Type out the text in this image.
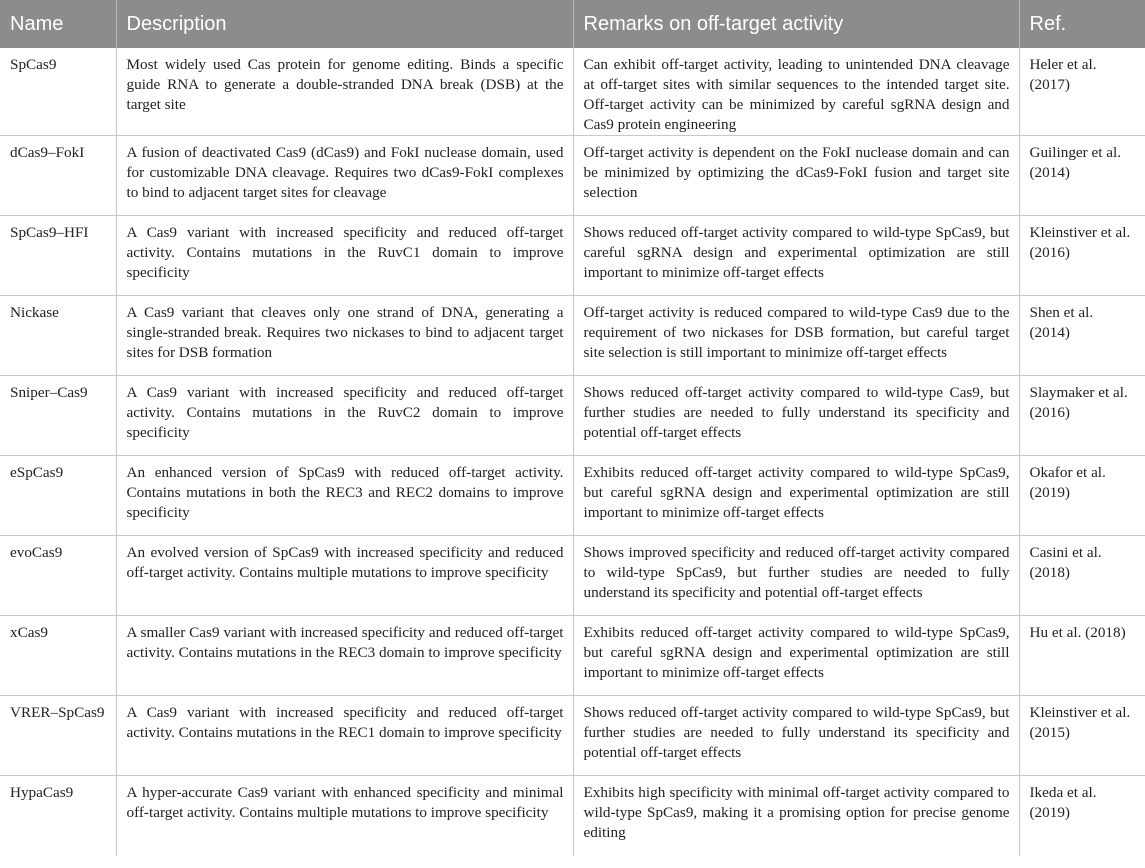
Name	Description	Remarks on off-target activity	Ref.
SpCas9	Most widely used Cas protein for genome editing. Binds a specific guide RNA to generate a double-stranded DNA break (DSB) at the target site	Can exhibit off-target activity, leading to unintended DNA cleavage at off-target sites with similar sequences to the intended target site. Off-target activity can be minimized by careful sgRNA design and Cas9 protein engineering	Heler et al. (2017)
dCas9–FokI	A fusion of deactivated Cas9 (dCas9) and FokI nuclease domain, used for customizable DNA cleavage. Requires two dCas9-FokI complexes to bind to adjacent target sites for cleavage	Off-target activity is dependent on the FokI nuclease domain and can be minimized by optimizing the dCas9-FokI fusion and target site selection	Guilinger et al. (2014)
SpCas9–HFI	A Cas9 variant with increased specificity and reduced off-target activity. Contains mutations in the RuvC1 domain to improve specificity	Shows reduced off-target activity compared to wild-type SpCas9, but careful sgRNA design and experimental optimization are still important to minimize off-target effects	Kleinstiver et al. (2016)
Nickase	A Cas9 variant that cleaves only one strand of DNA, generating a single-stranded break. Requires two nickases to bind to adjacent target sites for DSB formation	Off-target activity is reduced compared to wild-type Cas9 due to the requirement of two nickases for DSB formation, but careful target site selection is still important to minimize off-target effects	Shen et al. (2014)
Sniper–Cas9	A Cas9 variant with increased specificity and reduced off-target activity. Contains mutations in the RuvC2 domain to improve specificity	Shows reduced off-target activity compared to wild-type Cas9, but further studies are needed to fully understand its specificity and potential off-target effects	Slaymaker et al. (2016)
eSpCas9	An enhanced version of SpCas9 with reduced off-target activity. Contains mutations in both the REC3 and REC2 domains to improve specificity	Exhibits reduced off-target activity compared to wild-type SpCas9, but careful sgRNA design and experimental optimization are still important to minimize off-target effects	Okafor et al. (2019)
evoCas9	An evolved version of SpCas9 with increased specificity and reduced off-target activity. Contains multiple mutations to improve specificity	Shows improved specificity and reduced off-target activity compared to wild-type SpCas9, but further studies are needed to fully understand its specificity and potential off-target effects	Casini et al. (2018)
xCas9	A smaller Cas9 variant with increased specificity and reduced off-target activity. Contains mutations in the REC3 domain to improve specificity	Exhibits reduced off-target activity compared to wild-type SpCas9, but careful sgRNA design and experimental optimization are still important to minimize off-target effects	Hu et al. (2018)
VRER–SpCas9	A Cas9 variant with increased specificity and reduced off-target activity. Contains mutations in the REC1 domain to improve specificity	Shows reduced off-target activity compared to wild-type SpCas9, but further studies are needed to fully understand its specificity and potential off-target effects	Kleinstiver et al. (2015)
HypaCas9	A hyper-accurate Cas9 variant with enhanced specificity and minimal off-target activity. Contains multiple mutations to improve specificity	Exhibits high specificity with minimal off-target activity compared to wild-type SpCas9, making it a promising option for precise genome editing	Ikeda et al. (2019)
